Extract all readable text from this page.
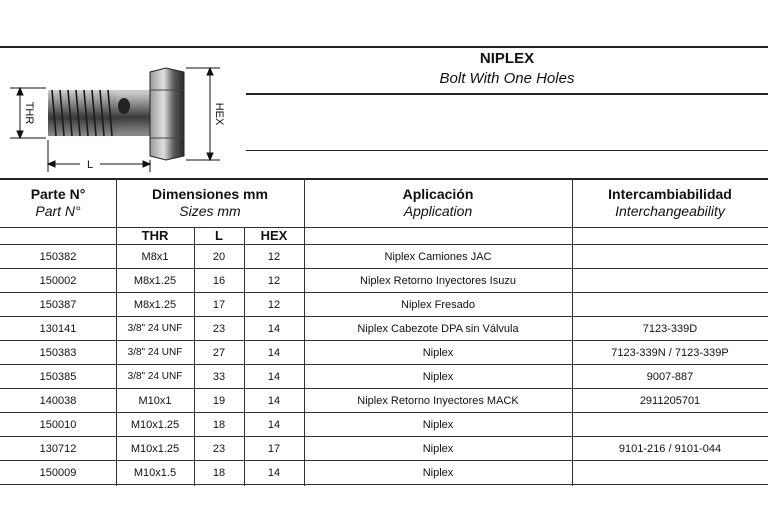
NIPLEX
Bolt With One Holes
THR	HEX
L
Parte N°
Part N°
Dimensiones mm
Sizes mm
Aplicación
Application
Intercambiabilidad
Interchangeability
THR	L	HEX
150382	M8x1	20	12	Niplex Camiones JAC
150002	M8x1.25	16	12	Niplex Retorno Inyectores Isuzu
150387	M8x1.25	17	12	Niplex Fresado
130141	3/8" 24 UNF	23	14	Niplex Cabezote DPA sin Válvula	7123-339D
150383	3/8" 24 UNF	27	14	Niplex	7123-339N / 7123-339P
150385	3/8" 24 UNF	33	14	Niplex	9007-887
140038	M10x1	19	14	Niplex Retorno Inyectores MACK	2911205701
150010	M10x1.25	18	14	Niplex
130712	M10x1.25	23	17	Niplex	9101-216 / 9101-044
150009	M10x1.5	18	14	Niplex
